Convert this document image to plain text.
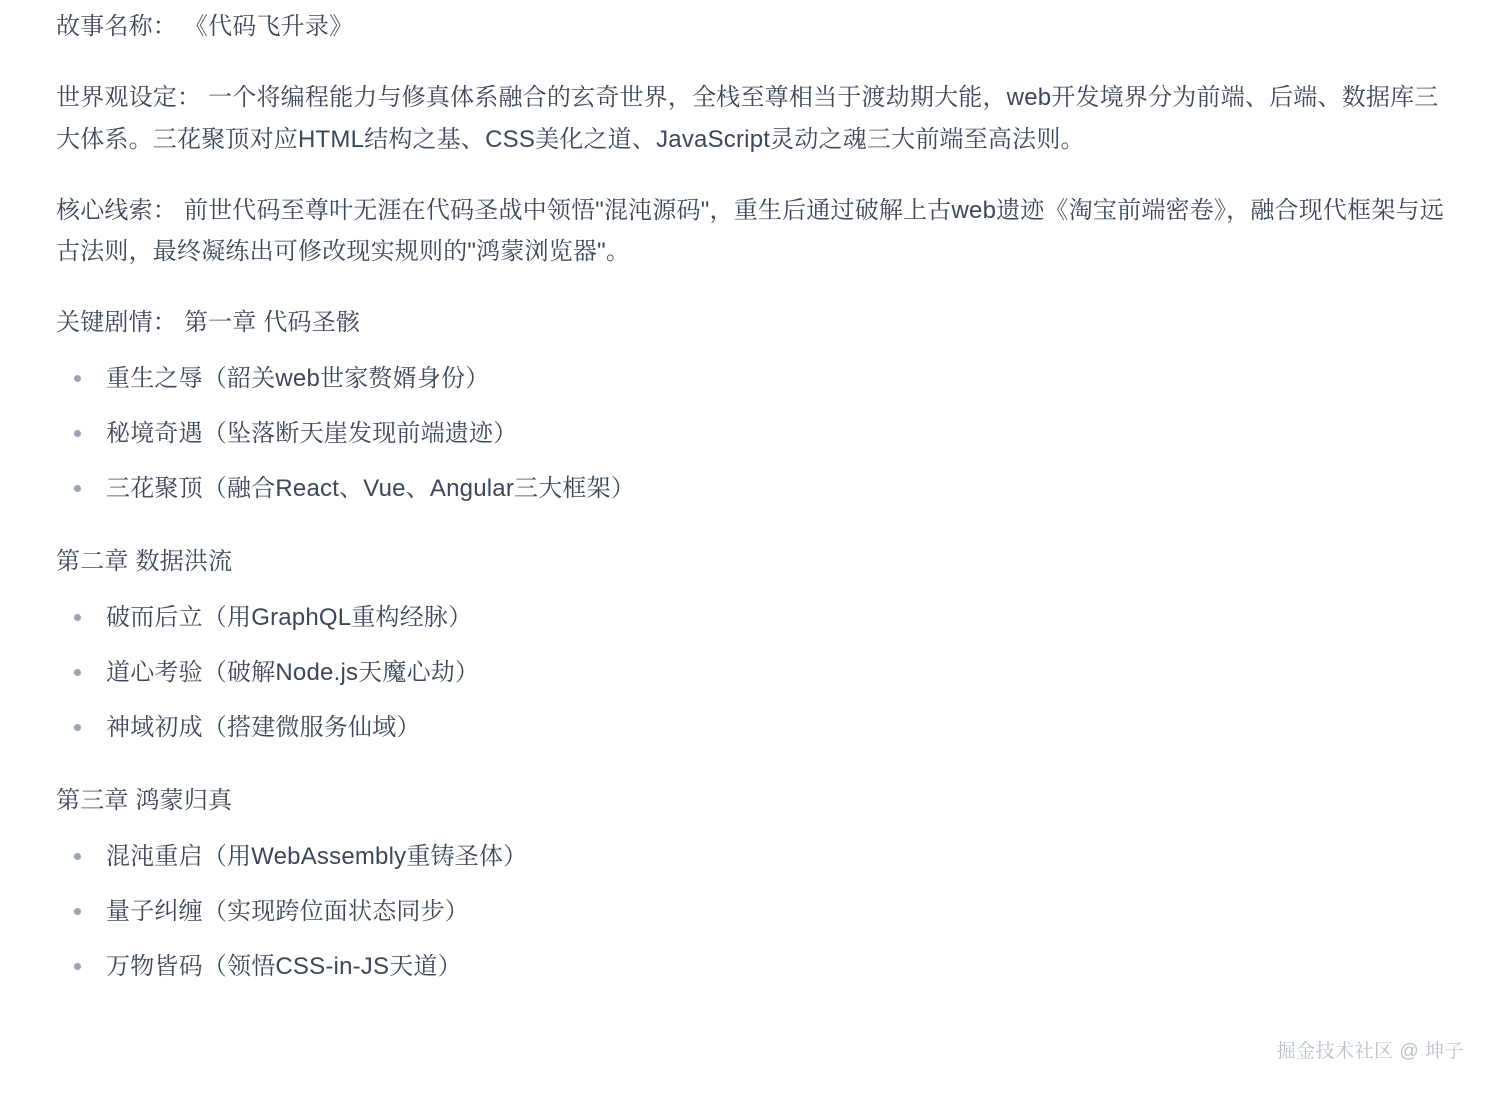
故事名称： 《代码飞升录》

世界观设定： 一个将编程能力与修真体系融合的玄奇世界，全栈至尊相当于渡劫期大能，web开发境界分为前端、后端、数据库三大体系。三花聚顶对应HTML结构之基、CSS美化之道、JavaScript灵动之魂三大前端至高法则。

核心线索： 前世代码至尊叶无涯在代码圣战中领悟"混沌源码"，重生后通过破解上古web遗迹《淘宝前端密卷》，融合现代框架与远古法则，最终凝练出可修改现实规则的"鸿蒙浏览器"。

关键剧情： 第一章 代码圣骸

重生之辱（韶关web世家赘婿身份）
秘境奇遇（坠落断天崖发现前端遗迹）
三花聚顶（融合React、Vue、Angular三大框架）

第二章 数据洪流

破而后立（用GraphQL重构经脉）
道心考验（破解Node.js天魔心劫）
神域初成（搭建微服务仙域）

第三章 鸿蒙归真

混沌重启（用WebAssembly重铸圣体）
量子纠缠（实现跨位面状态同步）
万物皆码（领悟CSS-in-JS天道）
掘金技术社区 @ 坤子
